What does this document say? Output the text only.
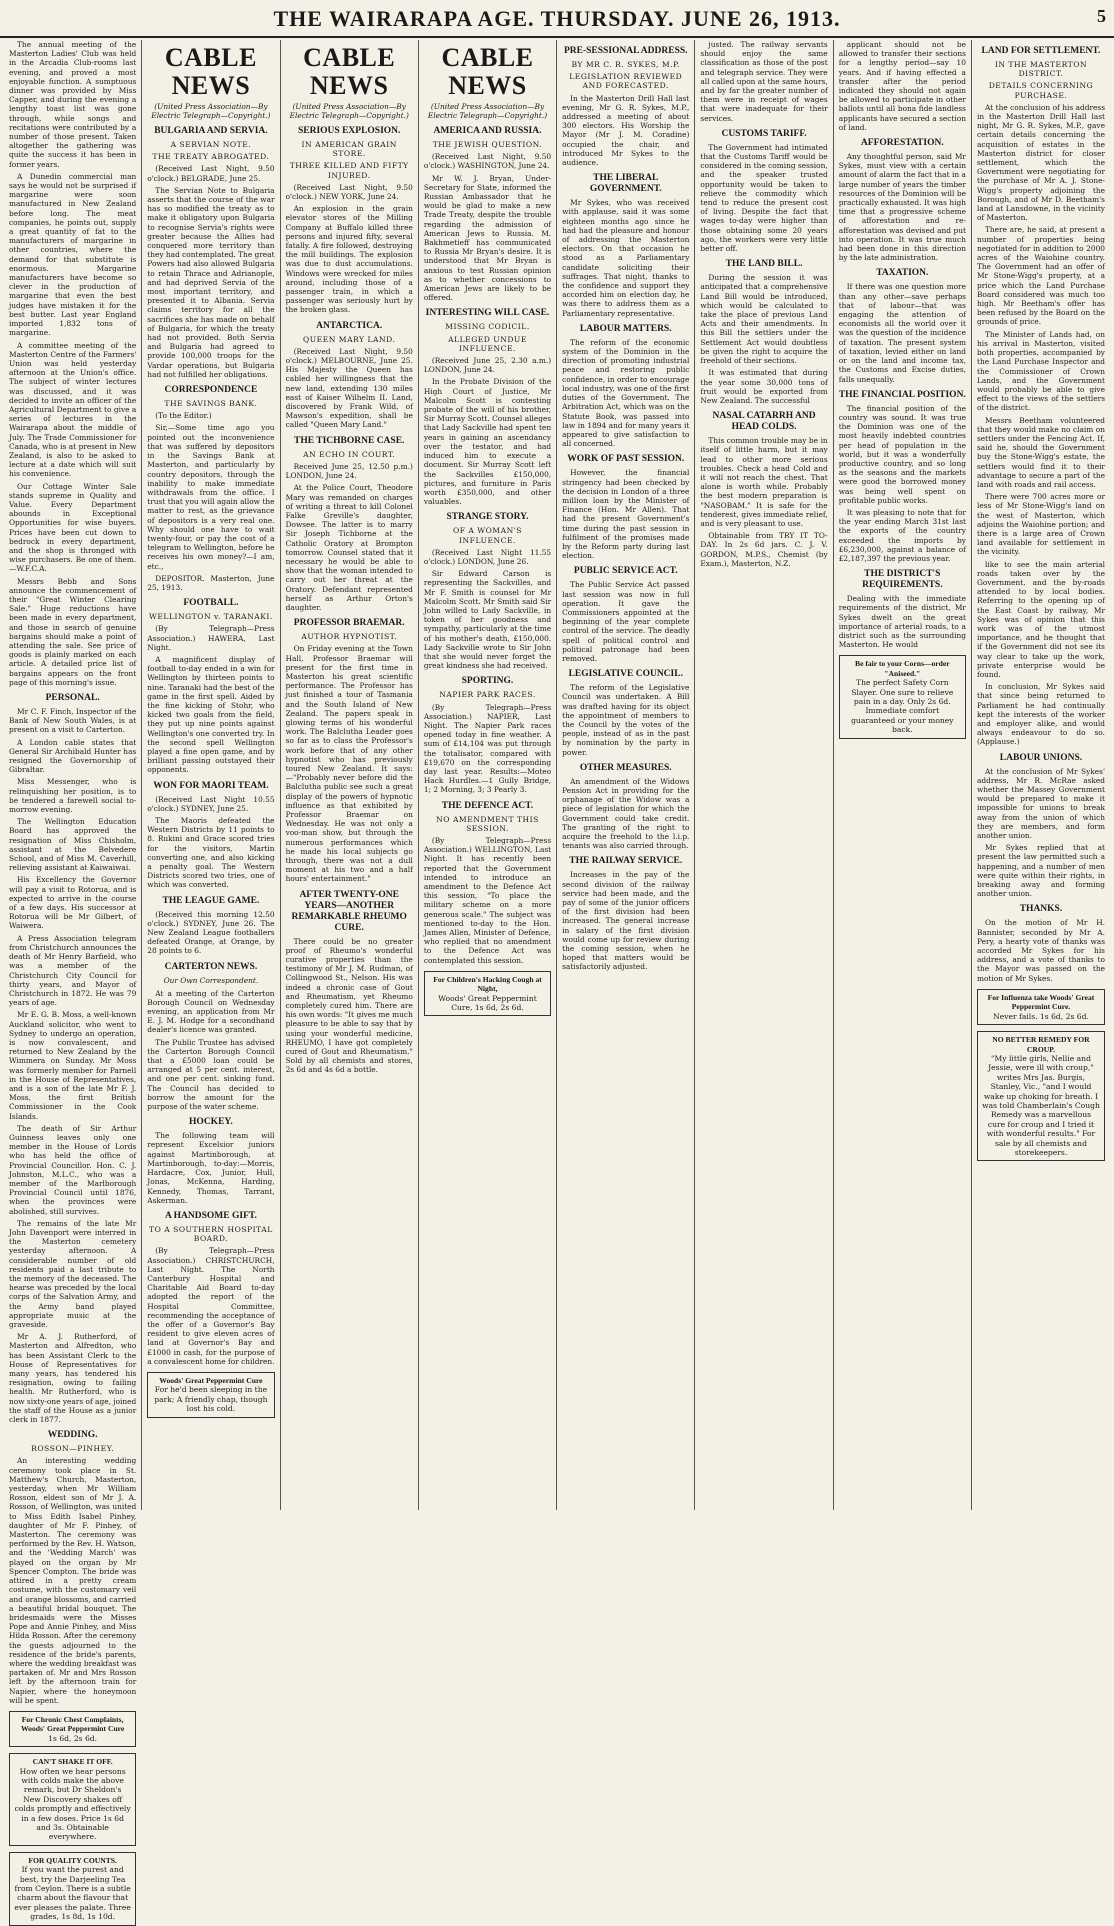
THE WAIRARAPA AGE. THURSDAY. JUNE 26, 1913.	5

The annual meeting of the Masterton Ladies' Club was held in the Arcadia Club-rooms last evening, and proved a most enjoyable function. A sumptuous dinner was provided by Miss Capper, and during the evening a lengthy toast list was gone through, while songs and recitations were contributed by a number of those present. Taken altogether the gathering was quite the success it has been in former years.

A Dunedin commercial man says he would not be surprised if margarine were soon manufactured in New Zealand before long. The meat companies, he points out, supply a great quantity of fat to the manufacturers of margarine in other countries, where the demand for that substitute is enormous. Margarine manufacturers have become so clever in the production of margarine that even the best judges have mistaken it for the best butter. Last year England imported 1,832 tons of margarine.

A committee meeting of the Masterton Centre of the Farmers' Union was held yesterday afternoon at the Union's office. The subject of winter lectures was discussed, and it was decided to invite an officer of the Agricultural Department to give a series of lectures in the Wairarapa about the middle of July. The Trade Commissioner for Canada, who is at present in New Zealand, is also to be asked to lecture at a date which will suit his convenience.

Our Cottage Winter Sale stands supreme in Quality and Value. Every Department abounds in Exceptional Opportunities for wise buyers. Prices have been cut down to bedrock in every department, and the shop is thronged with wise purchasers. Be one of them.—W.F.C.A.

Messrs Bebb and Sons announce the commencement of their "Great Winter Clearing Sale." Huge reductions have been made in every department, and those in search of genuine bargains should make a point of attending the sale. See price of goods is plainly marked on each article. A detailed price list of bargains appears on the front page of this morning's issue.

PERSONAL.

Mr C. F. Finch, Inspector of the Bank of New South Wales, is at present on a visit to Carterton.

A London cable states that General Sir Archibald Hunter has resigned the Governorship of Gibraltar.

Miss Messenger, who is relinquishing her position, is to be tendered a farewell social to-morrow evening.

The Wellington Education Board has approved the resignation of Miss Chisholm, assistant at the Belvedere School, and of Miss M. Caverhill, relieving assistant at Kaiwaiwai.

His Excellency the Governor will pay a visit to Rotorua, and is expected to arrive in the course of a few days. His successor at Rotorua will be Mr Gilbert, of Waiwera.

A Press Association telegram from Christchurch announces the death of Mr Henry Barfield, who was a member of the Christchurch City Council for thirty years, and Mayor of Christchurch in 1872. He was 79 years of age.

Mr E. G. B. Moss, a well-known Auckland solicitor, who went to Sydney to undergo an operation, is now convalescent, and returned to New Zealand by the Wimmera on Sunday. Mr Moss was formerly member for Parnell in the House of Representatives, and is a son of the late Mr F. J. Moss, the first British Commissioner in the Cook Islands.

The death of Sir Arthur Guinness leaves only one member in the House of Lords who has held the office of Provincial Councillor. Hon. C. J. Johnston, M.L.C., who was a member of the Marlborough Provincial Council until 1876, when the provinces were abolished, still survives.

The remains of the late Mr John Davenport were interred in the Masterton cemetery yesterday afternoon. A considerable number of old residents paid a last tribute to the memory of the deceased. The hearse was preceded by the local corps of the Salvation Army, and the Army band played appropriate music at the graveside.

Mr A. J. Rutherford, of Masterton and Alfredton, who has been Assistant Clerk to the House of Representatives for many years, has tendered his resignation, owing to failing health. Mr Rutherford, who is now sixty-one years of age, joined the staff of the House as a junior clerk in 1877.

WEDDING.
ROSSON—PINHEY.

An interesting wedding ceremony took place in St. Matthew's Church, Masterton, yesterday, when Mr William Rosson, eldest son of Mr J. A. Rosson, of Wellington, was united to Miss Edith Isabel Pinhey, daughter of Mr F. Pinhey, of Masterton. The ceremony was performed by the Rev. H. Watson, and the 'Wedding March' was played on the organ by Mr Spencer Compton. The bride was attired in a pretty cream costume, with the customary veil and orange blossoms, and carried a beautiful bridal bouquet. The bridesmaids were the Misses Pope and Annie Pinhey, and Miss Hilda Rosson. After the ceremony the guests adjourned to the residence of the bride's parents, where the wedding breakfast was partaken of. Mr and Mrs Rosson left by the afternoon train for Napier, where the honeymoon will be spent.

For Chronic Chest Complaints, Woods' Great Peppermint Cure
1s 6d, 2s 6d.
CAN'T SHAKE IT OFF.
How often we hear persons with colds make the above remark, but Dr Sheldon's New Discovery shakes off colds promptly and effectively in a few doses. Price 1s 6d and 3s. Obtainable everywhere.
FOR QUALITY COUNTS.
If you want the purest and best, try the Darjeeling Tea from Ceylon. There is a subtle charm about the flavour that ever pleases the palate. Three grades, 1s 8d, 1s 10d.
CABLE NEWS
(United Press Association—By Electric Telegraph—Copyright.)
BULGARIA AND SERVIA.
A SERVIAN NOTE.
THE TREATY ABROGATED.

(Received Last Night, 9.50 o'clock.) BELGRADE, June 25.

The Servian Note to Bulgaria asserts that the course of the war has so modified the treaty as to make it obligatory upon Bulgaria to recognise Servia's rights were greater because the Allies had conquered more territory than they had contemplated. The great Powers had also allowed Bulgaria to retain Thrace and Adrianople, and had deprived Servia of the most important territory, and presented it to Albania. Servia claims territory for all the sacrifices she has made on behalf of Bulgaria, for which the treaty had not provided. Both Servia and Bulgaria had agreed to provide 100,000 troops for the Vardar operations, but Bulgaria had not fulfilled her obligations.

CORRESPONDENCE
THE SAVINGS BANK.

(To the Editor.)

Sir,—Some time ago you pointed out the inconvenience that was suffered by depositors in the Savings Bank at Masterton, and particularly by country depositors, through the inability to make immediate withdrawals from the office. I trust that you will again allow the matter to rest, as the grievance of depositors is a very real one. Why should one have to wait twenty-four, or pay the cost of a telegram to Wellington, before he receives his own money?—I am, etc.,

DEPOSITOR. Masterton, June 25, 1913.

FOOTBALL.
WELLINGTON v. TARANAKI.

(By Telegraph—Press Association.) HAWERA, Last Night.

A magnificent display of football to-day ended in a win for Wellington by thirteen points to nine. Taranaki had the best of the game in the first spell. Aided by the fine kicking of Stohr, who kicked two goals from the field, they put up nine points against Wellington's one converted try. In the second spell Wellington played a fine open game, and by brilliant passing outstayed their opponents.

WON FOR MAORI TEAM.

(Received Last Night 10.55 o'clock.) SYDNEY, June 25.

The Maoris defeated the Western Districts by 11 points to 8. Rukini and Grace scored tries for the visitors, Martin converting one, and also kicking a penalty goal. The Western Districts scored two tries, one of which was converted.

THE LEAGUE GAME.

(Received this morning 12.50 o'clock.) SYDNEY, June 26. The New Zealand League footballers defeated Orange, at Orange, by 28 points to 6.

CARTERTON NEWS.
Our Own Correspondent.

At a meeting of the Carterton Borough Council on Wednesday evening, an application from Mr E. J. M. Hodge for a secondhand dealer's licence was granted.

The Public Trustee has advised the Carterton Borough Council that a £5000 loan could be arranged at 5 per cent. interest, and one per cent. sinking fund. The Council has decided to borrow the amount for the purpose of the water scheme.

HOCKEY.

The following team will represent Excelsior juniors against Martinborough, at Martinborough, to-day:—Morris, Hardacre, Cox, Junior, Hull, Jonas, McKenna, Harding, Kennedy, Thomas, Tarrant, Askerman.

A HANDSOME GIFT.
TO A SOUTHERN HOSPITAL BOARD.

(By Telegraph—Press Association.) CHRISTCHURCH, Last Night. The North Canterbury Hospital and Charitable Aid Board to-day adopted the report of the Hospital Committee, recommending the acceptance of the offer of a Governor's Bay resident to give eleven acres of land at Governor's Bay and £1000 in cash, for the purpose of a convalescent home for children.

Woods' Great Peppermint Cure
For he'd been sleeping in the park; A friendly chap, though lost his cold.
CABLE NEWS
(United Press Association—By Electric Telegraph—Copyright.)
SERIOUS EXPLOSION.
IN AMERICAN GRAIN STORE.
THREE KILLED AND FIFTY INJURED.

(Received Last Night, 9.50 o'clock.) NEW YORK, June 24.

An explosion in the grain elevator stores of the Milling Company at Buffalo killed three persons and injured fifty, several fatally. A fire followed, destroying the mill buildings. The explosion was due to dust accumulations. Windows were wrecked for miles around, including those of a passenger train, in which a passenger was seriously hurt by the broken glass.

ANTARCTICA.
QUEEN MARY LAND.

(Received Last Night, 9.50 o'clock.) MELBOURNE, June 25. His Majesty the Queen has cabled her willingness that the new land, extending 130 miles east of Kaiser Wilhelm II. Land, discovered by Frank Wild, of Mawson's expedition, shall be called "Queen Mary Land."

THE TICHBORNE CASE.
AN ECHO IN COURT.

Received June 25, 12.50 p.m.) LONDON, June 24.

At the Police Court, Theodore Mary was remanded on charges of writing a threat to kill Colonel Falke Greville's daughter, Dowsee. The latter is to marry Sir Joseph Tichborne at the Catholic Oratory at Brompton tomorrow. Counsel stated that it necessary he would be able to show that the woman intended to carry out her threat at the Oratory. Defendant represented herself as Arthur Orton's daughter.

PROFESSOR BRAEMAR.
AUTHOR HYPNOTIST.

On Friday evening at the Town Hall, Professor Braemar will present for the first time in Masterton his great scientific performance. The Professor has just finished a tour of Tasmania and the South Island of New Zealand. The papers speak in glowing terms of his wonderful work. The Balclutha Leader goes so far as to class the Professor's work before that of any other hypnotist who has previously toured New Zealand. It says:—"Probably never before did the Balclutha public see such a great display of the powers of hypnotic influence as that exhibited by Professor Braemar on Wednesday. He was not only a voo-man show, but through the numerous performances which he made his local subjects go through, there was not a dull moment at his two and a half hours' entertainment."

AFTER TWENTY-ONE YEARS—ANOTHER REMARKABLE RHEUMO CURE.

There could be no greater proof of Rheumo's wonderful curative properties than the testimony of Mr J. M. Rudman, of Collingwood St., Nelson. His was indeed a chronic case of Gout and Rheumatism, yet Rheumo completely cured him. There are his own words: "It gives me much pleasure to be able to say that by using your wonderful medicine, RHEUMO, I have got completely cured of Gout and Rheumatism." Sold by all chemists and stores, 2s 6d and 4s 6d a bottle.

CABLE NEWS
(United Press Association—By Electric Telegraph—Copyright.)
AMERICA AND RUSSIA.
THE JEWISH QUESTION.

(Received Last Night, 9.50 o'clock.) WASHINGTON, June 24.

Mr W. J. Bryan, Under-Secretary for State, informed the Russian Ambassador that he would be glad to make a new Trade Treaty, despite the trouble regarding the admission of American Jews to Russia. M. Bakhmetieff has communicated to Russia Mr Bryan's desire. It is understood that Mr Bryan is anxious to test Russian opinion as to whether concessions to American Jews are likely to be offered.

INTERESTING WILL CASE.
MISSING CODICIL.
ALLEGED UNDUE INFLUENCE.

(Received June 25, 2.30 a.m.) LONDON, June 24.

In the Probate Division of the High Court of Justice, Mr Malcolm Scott is contesting probate of the will of his brother, Sir Murray Scott. Counsel alleges that Lady Sackville had spent ten years in gaining an ascendancy over the testator, and had induced him to execute a document. Sir Murray Scott left the Sackvilles £150,000, pictures, and furniture in Paris worth £350,000, and other valuables.

STRANGE STORY.
OF A WOMAN'S INFLUENCE.

(Received Last Night 11.55 o'clock.) LONDON, June 26.

Sir Edward Carson is representing the Sackvilles, and Mr F. Smith is counsel for Mr Malcolm Scott. Mr Smith said Sir John willed to Lady Sackville, in token of her goodness and sympathy, particularly at the time of his mother's death, £150,000. Lady Sackville wrote to Sir John that she would never forget the great kindness she had received.

SPORTING.
NAPIER PARK RACES.

(By Telegraph—Press Association.) NAPIER, Last Night. The Napier Park races opened today in fine weather. A sum of £14,104 was put through the totalisator, compared with £19,670 on the corresponding day last year. Results:—Moteo Hack Hurdles.—1 Gully Bridge, 1; 2 Morning, 3; 3 Pearly 3.

THE DEFENCE ACT.
NO AMENDMENT THIS SESSION.

(By Telegraph—Press Association.) WELLINGTON, Last Night. It has recently been reported that the Government intended to introduce an amendment to the Defence Act this session, "To place the military scheme on a more generous scale." The subject was mentioned to-day to the Hon. James Allen, Minister of Defence, who replied that no amendment to the Defence Act was contemplated this session.

For Children's Hacking Cough at Night,
Woods' Great Peppermint Cure, 1s 6d, 2s 6d.
PRE-SESSIONAL ADDRESS.
BY MR C. R. SYKES, M.P.
LEGISLATION REVIEWED AND FORECASTED.

In the Masterton Drill Hall last evening, Mr G. R. Sykes, M.P., addressed a meeting of about 300 electors. His Worship the Mayor (Mr J. M. Coradine) occupied the chair, and introduced Mr Sykes to the audience.

THE LIBERAL GOVERNMENT.

Mr Sykes, who was received with applause, said it was some eighteen months ago since he had had the pleasure and honour of addressing the Masterton electors. On that occasion he stood as a Parliamentary candidate soliciting their suffrages. That night, thanks to the confidence and support they accorded him on election day, he was there to address them as a Parliamentary representative.

LABOUR MATTERS.

The reform of the economic system of the Dominion in the direction of promoting industrial peace and restoring public confidence, in order to encourage local industry, was one of the first duties of the Government. The Arbitration Act, which was on the Statute Book, was passed into law in 1894 and for many years it appeared to give satisfaction to all concerned.

WORK OF PAST SESSION.

However, the financial stringency had been checked by the decision in London of a three million loan by the Minister of Finance (Hon. Mr Allen). That had the present Government's time during the past session in fulfilment of the promises made by the Reform party during last election.

PUBLIC SERVICE ACT.

The Public Service Act passed last session was now in full operation. It gave the Commissioners appointed at the beginning of the year complete control of the service. The deadly spell of political control and political patronage had been removed.

LEGISLATIVE COUNCIL.

The reform of the Legislative Council was undertaken. A Bill was drafted having for its object the appointment of members to the Council by the votes of the people, instead of as in the past by nomination by the party in power.

OTHER MEASURES.

An amendment of the Widows Pension Act in providing for the orphanage of the Widow was a piece of legislation for which the Government could take credit. The granting of the right to acquire the freehold to the l.i.p. tenants was also carried through.

THE RAILWAY SERVICE.

Increases in the pay of the second division of the railway service had been made, and the pay of some of the junior officers of the first division had been increased. The general increase in salary of the first division would come up for review during the coming session, when he hoped that matters would be satisfactorily adjusted.

justed. The railway servants should enjoy the same classification as those of the post and telegraph service. They were all called upon at the same hours, and by far the greater number of them were in receipt of wages that were inadequate for their services.

CUSTOMS TARIFF.

The Government had intimated that the Customs Tariff would be considered in the coming session, and the speaker trusted opportunity would be taken to relieve the commodity which tend to reduce the present cost of living. Despite the fact that wages to-day were higher than those obtaining some 20 years ago, the workers were very little better off.

THE LAND BILL.

During the session it was anticipated that a comprehensive Land Bill would be introduced, which would be calculated to take the place of previous Land Acts and their amendments. In this Bill the settlers under the Settlement Act would doubtless be given the right to acquire the freehold of their sections.

It was estimated that during the year some 30,000 tons of fruit would be exported from New Zealand. The successful

NASAL CATARRH AND HEAD COLDS.

This common trouble may be in itself of little harm, but it may lead to other more serious troubles. Check a head Cold and it will not reach the chest. That alone is worth while. Probably the best modern preparation is "NASOBAM." It is safe for the tenderest, gives immediate relief, and is very pleasant to use.

Obtainable from TRY IT TO-DAY. In 2s 6d jars. C. J. V. GORDON, M.P.S., Chemist (by Exam.), Masterton, N.Z.

applicant should not be allowed to transfer their sections for a lengthy period—say 10 years. And if having effected a transfer after the period indicated they should not again be allowed to participate in other ballots until all bona fide landless applicants have secured a section of land.

AFFORESTATION.

Any thoughtful person, said Mr Sykes, must view with a certain amount of alarm the fact that in a large number of years the timber resources of the Dominion will be practically exhausted. It was high time that a progressive scheme of afforestation and re-afforestation was devised and put into operation. It was true much had been done in this direction by the late administration.

TAXATION.

If there was one question more than any other—save perhaps that of labour—that was engaging the attention of economists all the world over it was the question of the incidence of taxation. The present system of taxation, levied either on land or on the land and income tax, the Customs and Excise duties, falls unequally.

THE FINANCIAL POSITION.

The financial position of the country was sound. It was true the Dominion was one of the most heavily indebted countries per head of population in the world, but it was a wonderfully productive country, and so long as the seasons and the markets were good the borrowed money was being well spent on profitable public works.

It was pleasing to note that for the year ending March 31st last the exports of the country exceeded the imports by £6,230,000, against a balance of £2,187,397 the previous year.

THE DISTRICT'S REQUIREMENTS.

Dealing with the immediate requirements of the district, Mr Sykes dwelt on the great importance of arterial roads, to a district such as the surrounding Masterton. He would

Be fair to your Corns—order "Aniseed."
The perfect Safety Corn Slayer. One sure to relieve pain in a day. Only 2s 6d. Immediate comfort guaranteed or your money back.
LAND FOR SETTLEMENT.
IN THE MASTERTON DISTRICT.
DETAILS CONCERNING PURCHASE.

At the conclusion of his address in the Masterton Drill Hall last night, Mr G. R. Sykes, M.P., gave certain details concerning the acquisition of estates in the Masterton district for closer settlement, which the Government were negotiating for the purchase of Mr A. J. Stone-Wigg's property adjoining the Borough, and of Mr D. Beetham's land at Lansdowne, in the vicinity of Masterton.

There are, he said, at present a number of properties being negotiated for in addition to 2000 acres of the Waiohine country. The Government had an offer of Mr Stone-Wigg's property, at a price which the Land Purchase Board considered was much too high. Mr Beetham's offer has been refused by the Board on the grounds of price.

The Minister of Lands had, on his arrival in Masterton, visited both properties, accompanied by the Land Purchase Inspector and the Commissioner of Crown Lands, and the Government would probably be able to give effect to the views of the settlers of the district.

Messrs Beetham volunteered that they would make no claim on settlers under the Fencing Act. If, said he, should the Government buy the Stone-Wigg's estate, the settlers would find it to their advantage to secure a part of the land with roads and rail access.

There were 700 acres more or less of Mr Stone-Wigg's land on the west of Masterton, which adjoins the Waiohine portion; and there is a large area of Crown land available for settlement in the vicinity.

like to see the main arterial roads taken over by the Government, and the by-roads attended to by local bodies. Referring to the opening up of the East Coast by railway, Mr Sykes was of opinion that this work was of the utmost importance, and he thought that if the Government did not see its way clear to take up the work, private enterprise would be found.

In conclusion, Mr Sykes said that since being returned to Parliament he had continually kept the interests of the worker and employer alike, and would always endeavour to do so. (Applause.)

LABOUR UNIONS.

At the conclusion of Mr Sykes' address, Mr R. McRae asked whether the Massey Government would be prepared to make it impossible for unions to break away from the union of which they are members, and form another union.

Mr Sykes replied that at present the law permitted such a happening, and a number of men were quite within their rights, in breaking away and forming another union.

THANKS.

On the motion of Mr H. Bannister, seconded by Mr A. Pery, a hearty vote of thanks was accorded Mr Sykes for his address, and a vote of thanks to the Mayor was passed on the motion of Mr Sykes.

For Influenza take Woods' Great Peppermint Cure.
Never fails. 1s 6d, 2s 6d.
NO BETTER REMEDY FOR CROUP.
"My little girls, Nellie and Jessie, were ill with croup," writes Mrs Jas. Burgis, Stanley, Vic., "and I would wake up choking for breath. I was told Chamberlain's Cough Remedy was a marvellous cure for croup and I tried it with wonderful results." For sale by all chemists and storekeepers.
